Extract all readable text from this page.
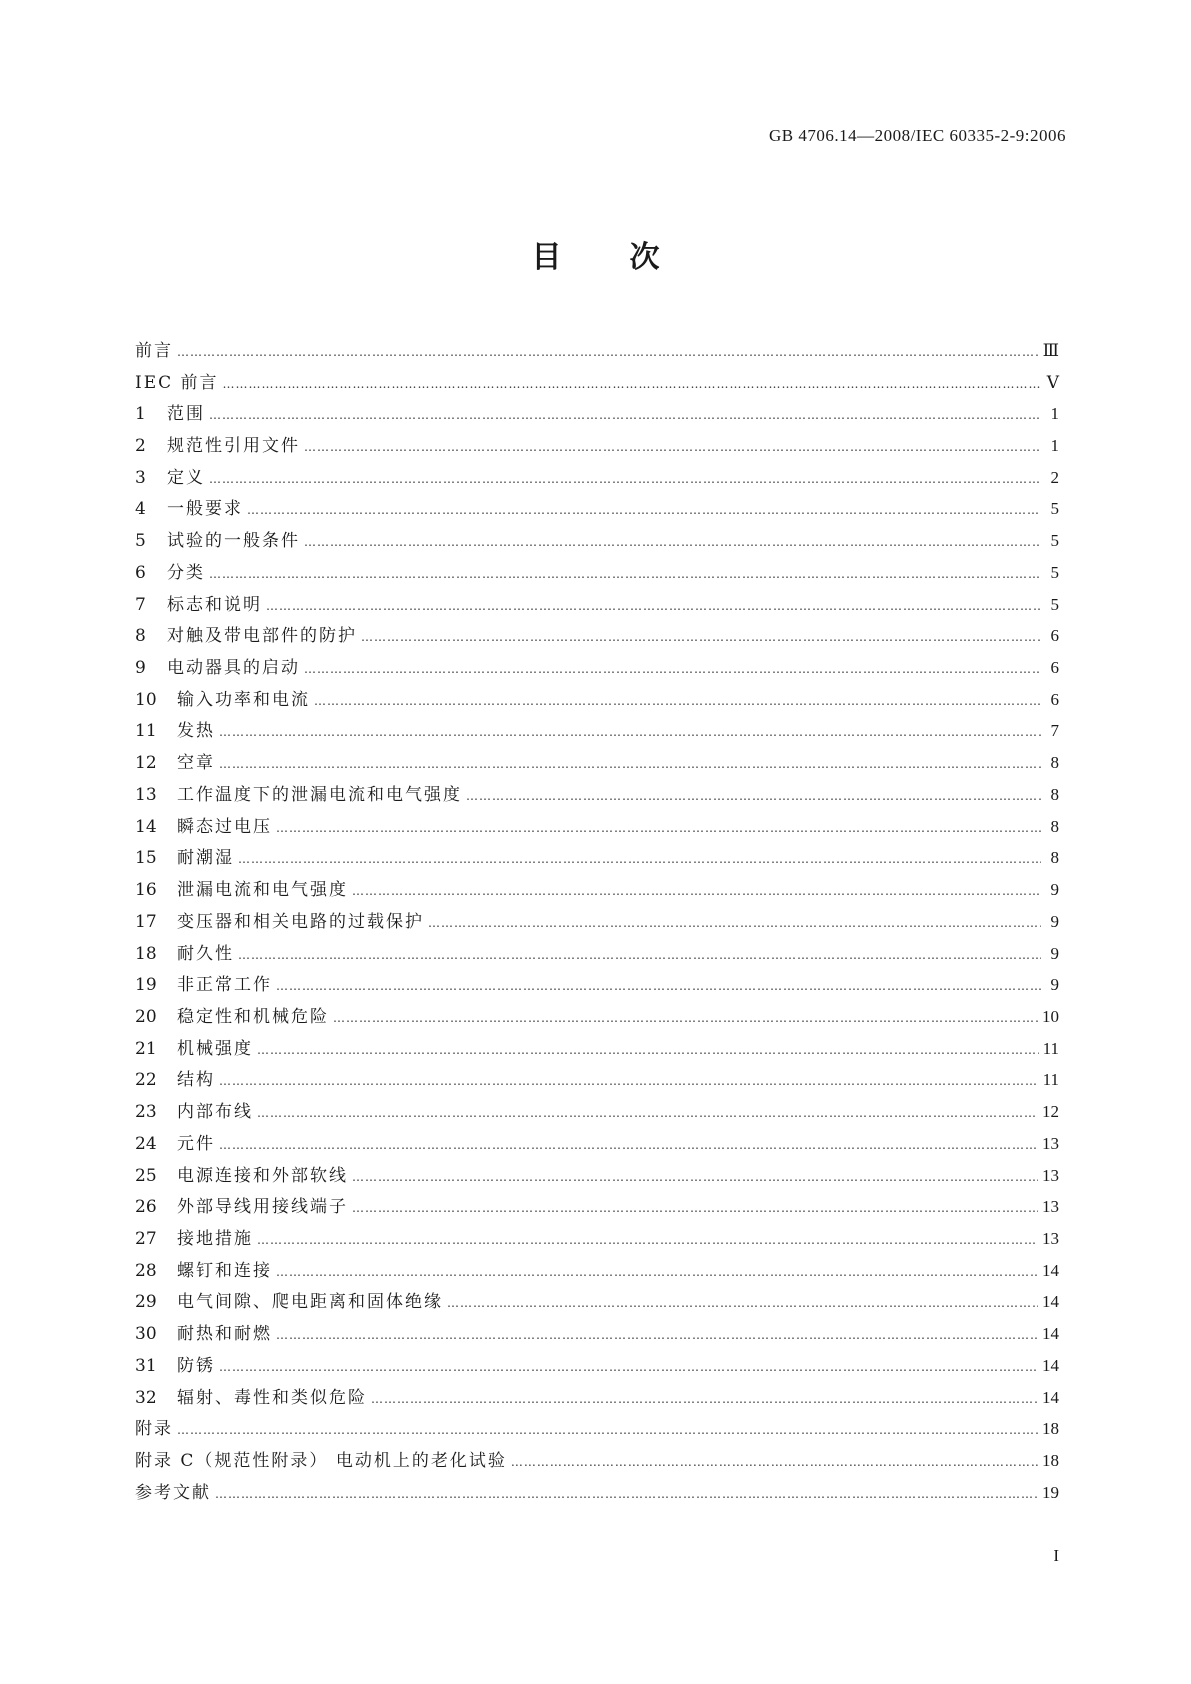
GB 4706.14—2008/IEC 60335-2-9:2006
目 次
前言 …………………………………………………………………………………………………………………………………………………………………………………………………………………………………………………………	Ⅲ
IEC 前言 …………………………………………………………………………………………………………………………………………………………………………………………………………………………………………………………	Ⅴ
1	范围 …………………………………………………………………………………………………………………………………………………………………………………………………………………………………………………………	1
2	规范性引用文件 …………………………………………………………………………………………………………………………………………………………………………………………………………………………………………………………	1
3	定义 …………………………………………………………………………………………………………………………………………………………………………………………………………………………………………………………	2
4	一般要求 …………………………………………………………………………………………………………………………………………………………………………………………………………………………………………………………	5
5	试验的一般条件 …………………………………………………………………………………………………………………………………………………………………………………………………………………………………………………………	5
6	分类 …………………………………………………………………………………………………………………………………………………………………………………………………………………………………………………………	5
7	标志和说明 …………………………………………………………………………………………………………………………………………………………………………………………………………………………………………………………	5
8	对触及带电部件的防护 …………………………………………………………………………………………………………………………………………………………………………………………………………………………………………………………	6
9	电动器具的启动 …………………………………………………………………………………………………………………………………………………………………………………………………………………………………………………………	6
10	输入功率和电流 …………………………………………………………………………………………………………………………………………………………………………………………………………………………………………………………	6
11	发热 …………………………………………………………………………………………………………………………………………………………………………………………………………………………………………………………	7
12	空章 …………………………………………………………………………………………………………………………………………………………………………………………………………………………………………………………	8
13	工作温度下的泄漏电流和电气强度 …………………………………………………………………………………………………………………………………………………………………………………………………………………………………………………………	8
14	瞬态过电压 …………………………………………………………………………………………………………………………………………………………………………………………………………………………………………………………	8
15	耐潮湿 …………………………………………………………………………………………………………………………………………………………………………………………………………………………………………………………	8
16	泄漏电流和电气强度 …………………………………………………………………………………………………………………………………………………………………………………………………………………………………………………………	9
17	变压器和相关电路的过载保护 …………………………………………………………………………………………………………………………………………………………………………………………………………………………………………………………	9
18	耐久性 …………………………………………………………………………………………………………………………………………………………………………………………………………………………………………………………	9
19	非正常工作 …………………………………………………………………………………………………………………………………………………………………………………………………………………………………………………………	9
20	稳定性和机械危险 …………………………………………………………………………………………………………………………………………………………………………………………………………………………………………………………	10
21	机械强度 …………………………………………………………………………………………………………………………………………………………………………………………………………………………………………………………	11
22	结构 …………………………………………………………………………………………………………………………………………………………………………………………………………………………………………………………	11
23	内部布线 …………………………………………………………………………………………………………………………………………………………………………………………………………………………………………………………	12
24	元件 …………………………………………………………………………………………………………………………………………………………………………………………………………………………………………………………	13
25	电源连接和外部软线 …………………………………………………………………………………………………………………………………………………………………………………………………………………………………………………………	13
26	外部导线用接线端子 …………………………………………………………………………………………………………………………………………………………………………………………………………………………………………………………	13
27	接地措施 …………………………………………………………………………………………………………………………………………………………………………………………………………………………………………………………	13
28	螺钉和连接 …………………………………………………………………………………………………………………………………………………………………………………………………………………………………………………………	14
29	电气间隙、爬电距离和固体绝缘 …………………………………………………………………………………………………………………………………………………………………………………………………………………………………………………………	14
30	耐热和耐燃 …………………………………………………………………………………………………………………………………………………………………………………………………………………………………………………………	14
31	防锈 …………………………………………………………………………………………………………………………………………………………………………………………………………………………………………………………	14
32	辐射、毒性和类似危险 …………………………………………………………………………………………………………………………………………………………………………………………………………………………………………………………	14
附录 …………………………………………………………………………………………………………………………………………………………………………………………………………………………………………………………	18
附录 C（规范性附录） 电动机上的老化试验 …………………………………………………………………………………………………………………………………………………………………………………………………………………………………………………………	18
参考文献 …………………………………………………………………………………………………………………………………………………………………………………………………………………………………………………………	19
I
